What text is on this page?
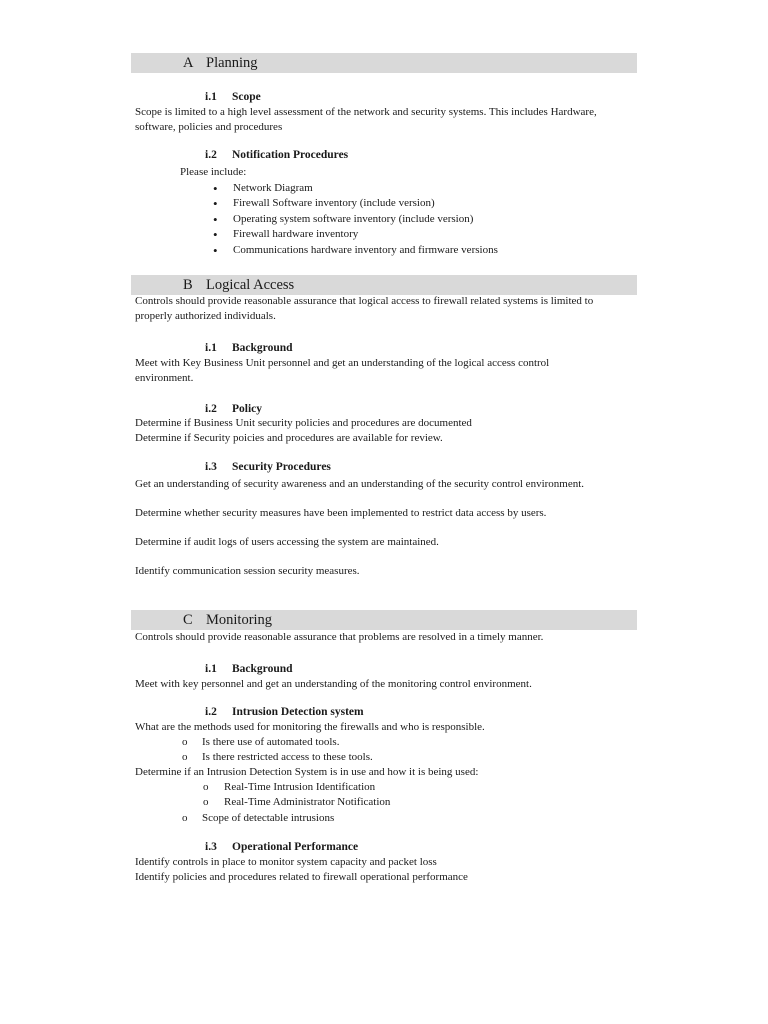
A Planning
i.1 Scope
Scope is limited to a high level assessment of the network and security systems. This includes Hardware,
software, policies and procedures
i.2 Notification Procedures
Please include:
• Network Diagram
• Firewall Software inventory (include version)
• Operating system software inventory (include version)
• Firewall hardware inventory
• Communications hardware inventory and firmware versions
B Logical Access
Controls should provide reasonable assurance that logical access to firewall related systems is limited to
properly authorized individuals.
i.1 Background
Meet with Key Business Unit personnel and get an understanding of the logical access control
environment.
i.2 Policy
Determine if Business Unit security policies and procedures are documented
Determine if Security poicies and procedures are available for review.
i.3 Security Procedures
Get an understanding of security awareness and an understanding of the security control environment.
Determine whether security measures have been implemented to restrict data access by users.
Determine if audit logs of users accessing the system are maintained.
Identify communication session security measures.
C Monitoring
Controls should provide reasonable assurance that problems are resolved in a timely manner.
i.1 Background
Meet with key personnel and get an understanding of the monitoring control environment.
i.2 Intrusion Detection system
What are the methods used for monitoring the firewalls and who is responsible.
o Is there use of automated tools.
o Is there restricted access to these tools.
Determine if an Intrusion Detection System is in use and how it is being used:
o Real-Time Intrusion Identification
o Real-Time Administrator Notification
o Scope of detectable intrusions
i.3 Operational Performance
Identify controls in place to monitor system capacity and packet loss
Identify policies and procedures related to firewall operational performance
